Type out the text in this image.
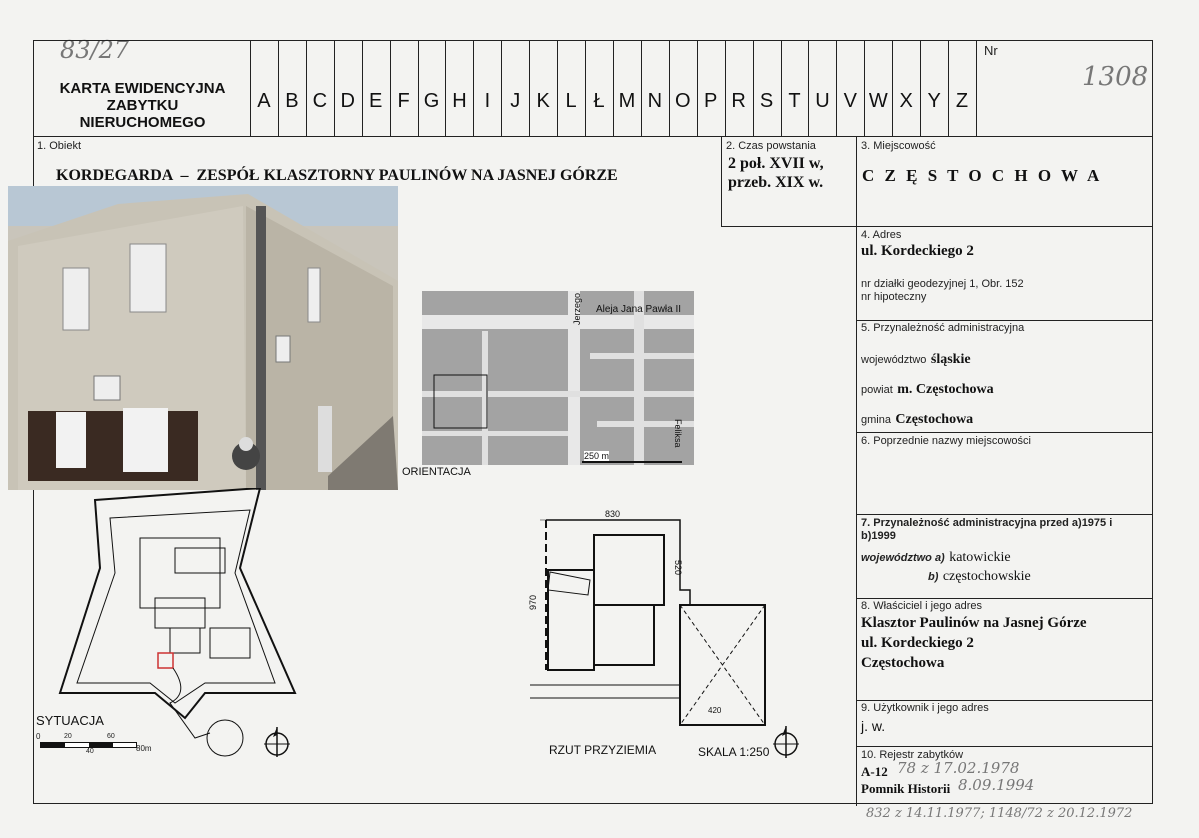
83/27
KARTA EWIDENCYJNA
ZABYTKU
NIERUCHOMEGO
A B C D E F G H I	J K L Ł M N O P R S T U V W X Y Z
Nr
1308
1. Obiekt
KORDEGARDA  –  ZESPÓŁ KLASZTORNY PAULINÓW NA JASNEJ GÓRZE
2. Czas powstania
2 poł. XVII w,
przeb. XIX w.
3. Miejscowość
C Z Ę S T O C H O W A
4. Adres
ul. Kordeckiego 2
nr działki geodezyjnej 1, Obr. 152
nr hipoteczny
5. Przynależność administracyjna
województwo śląskie
powiat m. Częstochowa
gmina Częstochowa
6. Poprzednie nazwy miejscowości
7. Przynależność administracyjna przed a)1975 i b)1999
województwo a) katowickie
b) częstochowskie
8. Właściciel i jego adres
Klasztor Paulinów na Jasnej Górze
ul. Kordeckiego 2
Częstochowa
9. Użytkownik i jego adres
j. w.
10. Rejestr zabytków
A-12 78 z 17.02.1978
Pomnik Historii 8.09.1994
832 z 14.11.1977; 1148/72 z 20.12.1972
Aleja Jana Pawła II
Jerzego
Feliksa
250 m
ORIENTACJA
SYTUACJA
0	20
40
60
80m
830
520
970
420
RZUT PRZYZIEMIA	SKALA 1:250
